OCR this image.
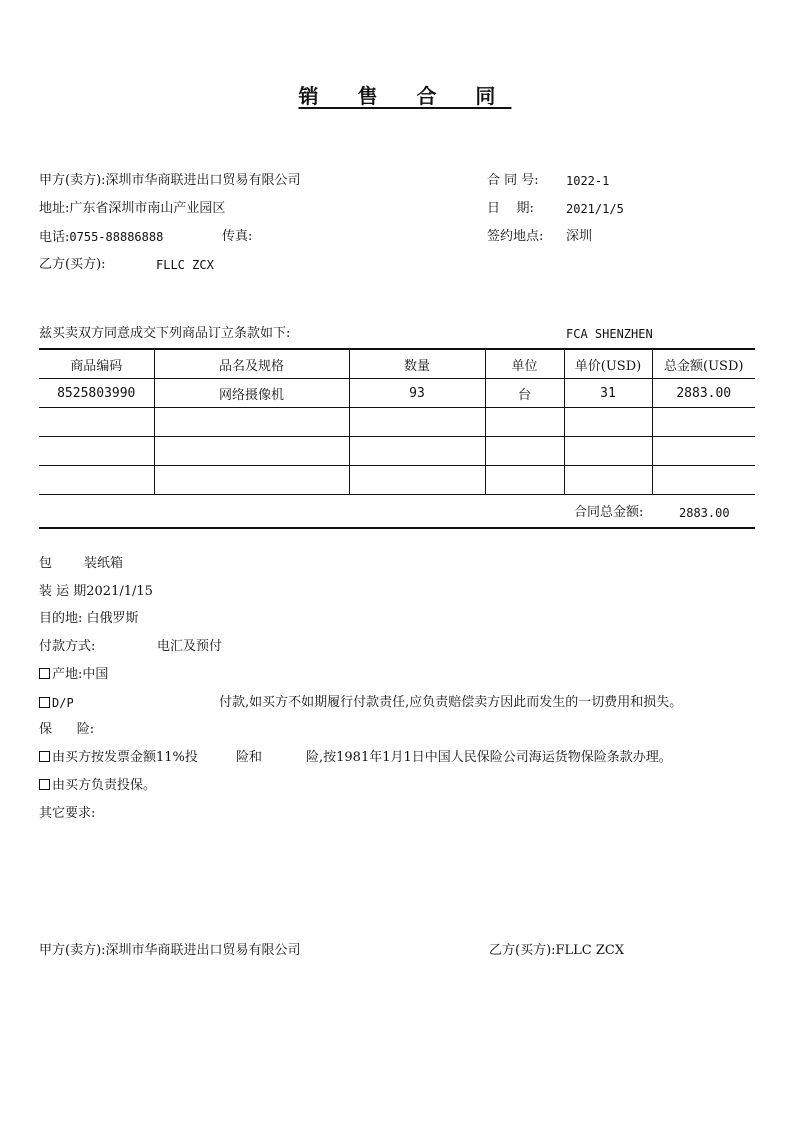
销 售 合 同
甲方(卖方):深圳市华商联进出口贸易有限公司
地址:广东省深圳市南山产业园区
电话:0755-88886888	传真:
乙方(买方):	FLLC ZCX
合 同 号: 1022-1
日    期:	2021/1/5
签约地点: 深圳
兹买卖双方同意成交下列商品订立条款如下:	FCA SHENZHEN
商品编码	品名及规格	数量	单位	单价(USD)	总金额(USD)
8525803990	网络摄像机	93	台	31	2883.00

合同总金额:	2883.00
包 装纸箱
装 运 期2021/1/15
目的地: 白俄罗斯
付款方式:	电汇及预付
产地:中国
D/P	付款,如买方不如期履行付款责任,应负责赔偿卖方因此而发生的一切费用和损失。
保      险:
由买方按发票金额11%投	险和	险,按1981年1月1日中国人民保险公司海运货物保险条款办理。
由买方负责投保。
其它要求:
甲方(卖方):深圳市华商联进出口贸易有限公司	乙方(买方):FLLC ZCX
